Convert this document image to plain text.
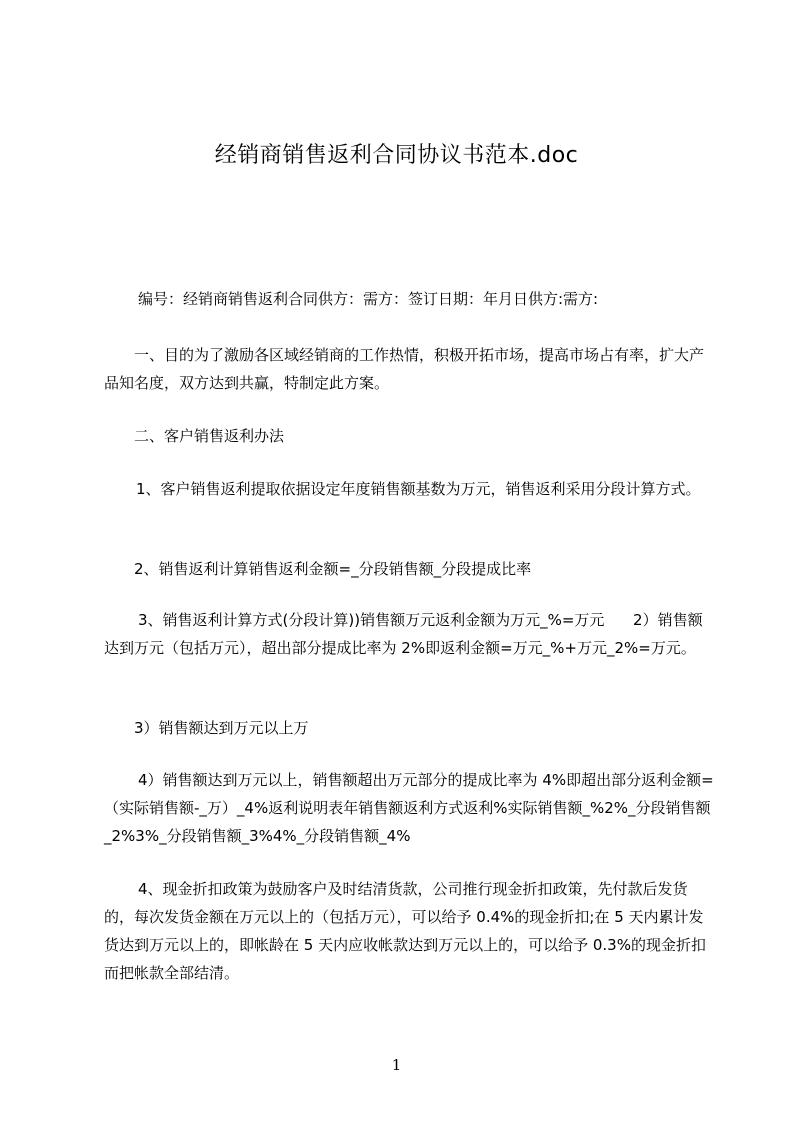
经销商销售返利合同协议书范本.doc

编号：经销商销售返利合同供方：需方：签订日期：年月日供方:需方:

一、目的为了激励各区域经销商的工作热情，积极开拓市场，提高市场占有率，扩大产品知名度，双方达到共赢，特制定此方案。

二、客户销售返利办法

1、客户销售返利提取依据设定年度销售额基数为万元，销售返利采用分段计算方式。

2、销售返利计算销售返利金额=_分段销售额_分段提成比率

3、销售返利计算方式(分段计算))销售额万元返利金额为万元_%=万元      2）销售额达到万元（包括万元），超出部分提成比率为 2%即返利金额=万元_%+万元_2%=万元。

3）销售额达到万元以上万

4）销售额达到万元以上，销售额超出万元部分的提成比率为 4%即超出部分返利金额=（实际销售额-_万）_4%返利说明表年销售额返利方式返利%实际销售额_%2%_分段销售额_2%3%_分段销售额_3%4%_分段销售额_4%

4、现金折扣政策为鼓励客户及时结清货款，公司推行现金折扣政策，先付款后发货的，每次发货金额在万元以上的（包括万元），可以给予 0.4%的现金折扣;在 5 天内累计发货达到万元以上的，即帐龄在 5 天内应收帐款达到万元以上的，可以给予 0.3%的现金折扣而把帐款全部结清。

1
